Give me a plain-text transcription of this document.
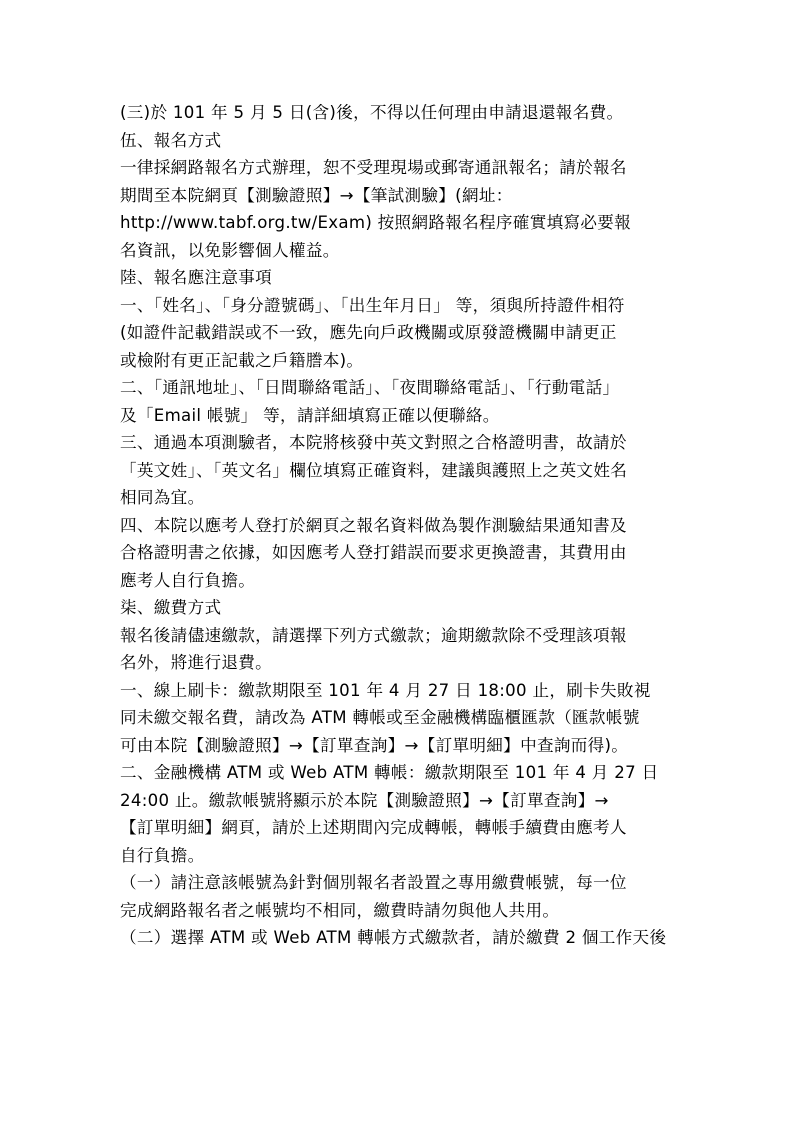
(三)於 101 年 5 月 5 日(含)後，不得以任何理由申請退還報名費。
伍、報名方式
一律採網路報名方式辦理，恕不受理現場或郵寄通訊報名；請於報名
期間至本院網頁【測驗證照】→【筆試測驗】(網址：
http://www.tabf.org.tw/Exam) 按照網路報名程序確實填寫必要報
名資訊，以免影響個人權益。
陸、報名應注意事項
一、「姓名」、「身分證號碼」、「出生年月日」 等，須與所持證件相符
(如證件記載錯誤或不一致，應先向戶政機關或原發證機關申請更正
或檢附有更正記載之戶籍謄本)。
二、「通訊地址」、「日間聯絡電話」、「夜間聯絡電話」、「行動電話」
及「Email 帳號」 等，請詳細填寫正確以便聯絡。
三、通過本項測驗者，本院將核發中英文對照之合格證明書，故請於
「英文姓」、「英文名」欄位填寫正確資料，建議與護照上之英文姓名
相同為宜。
四、本院以應考人登打於網頁之報名資料做為製作測驗結果通知書及
合格證明書之依據，如因應考人登打錯誤而要求更換證書，其費用由
應考人自行負擔。
柒、繳費方式
報名後請儘速繳款，請選擇下列方式繳款；逾期繳款除不受理該項報
名外，將進行退費。
一、線上刷卡：繳款期限至 101 年 4 月 27 日 18:00 止，刷卡失敗視
同未繳交報名費，請改為 ATM 轉帳或至金融機構臨櫃匯款（匯款帳號
可由本院【測驗證照】→【訂單查詢】→【訂單明細】中查詢而得)。
二、金融機構 ATM 或 Web ATM 轉帳：繳款期限至 101 年 4 月 27 日
24:00 止。繳款帳號將顯示於本院【測驗證照】→【訂單查詢】→
【訂單明細】網頁，請於上述期間內完成轉帳，轉帳手續費由應考人
自行負擔。
（一）請注意該帳號為針對個別報名者設置之專用繳費帳號，每一位
完成網路報名者之帳號均不相同，繳費時請勿與他人共用。
（二）選擇 ATM 或 Web ATM 轉帳方式繳款者，請於繳費 2 個工作天後
